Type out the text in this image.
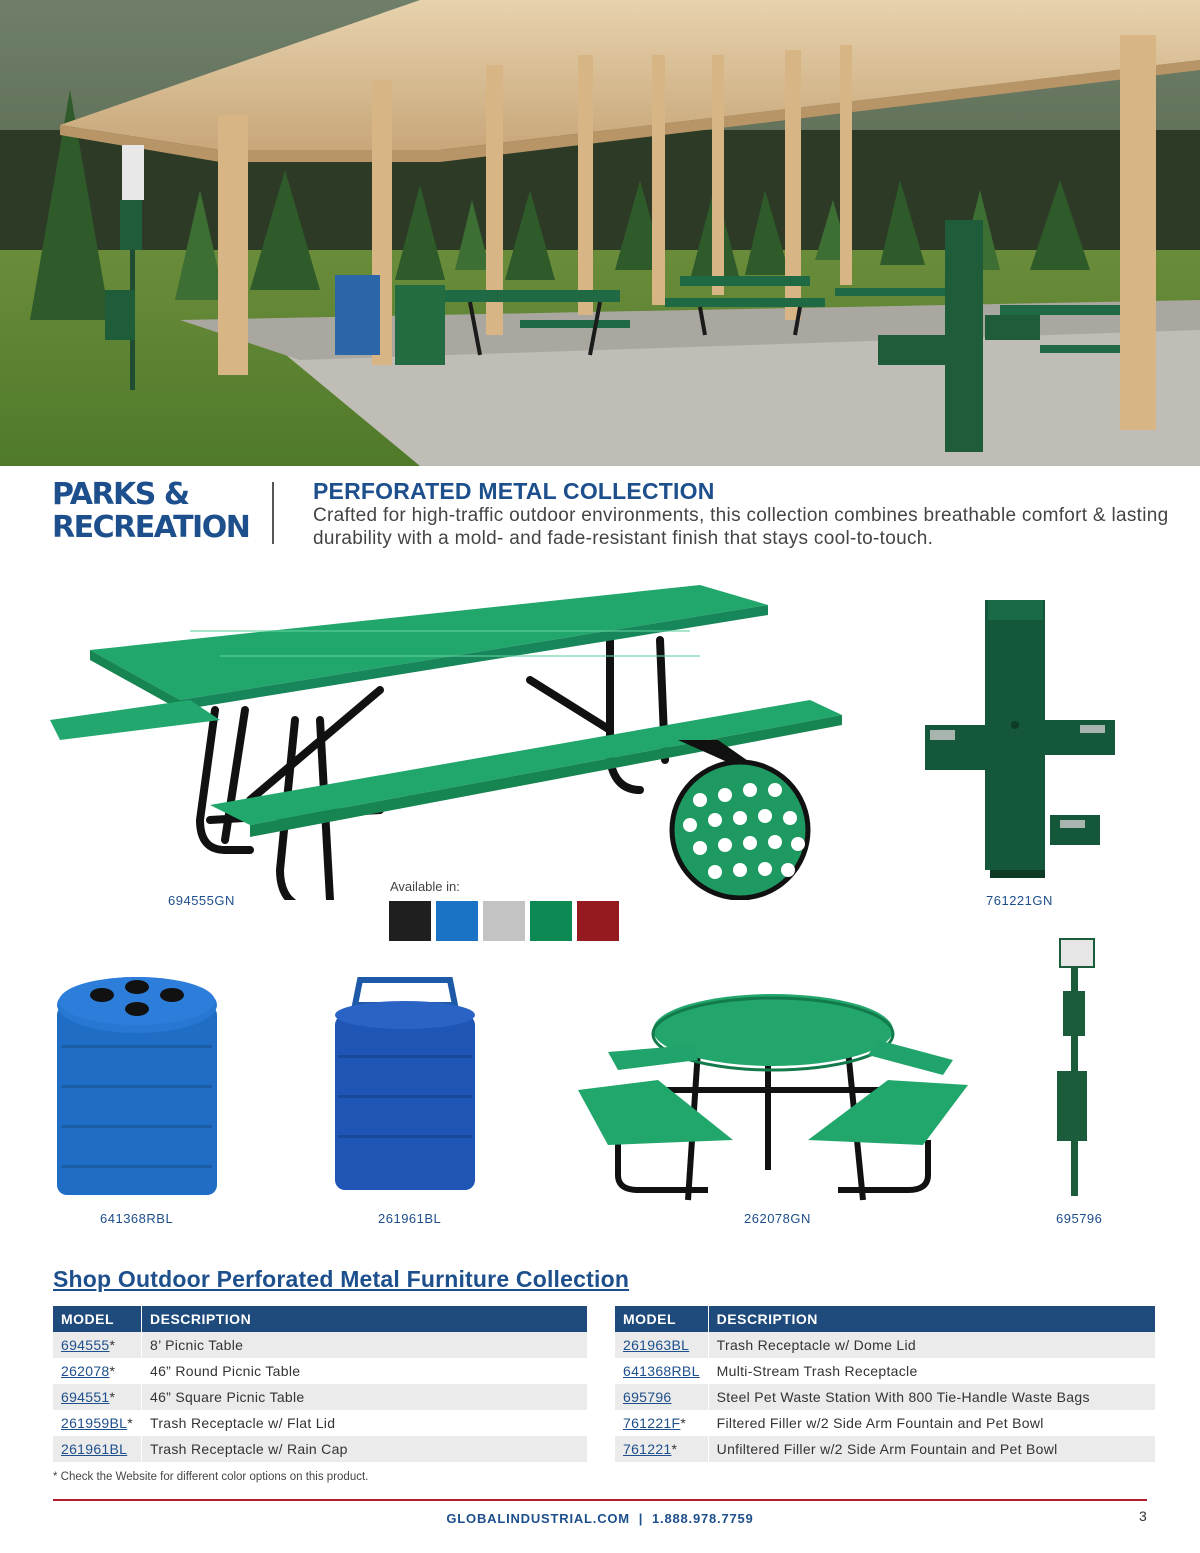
PARKS &
RECREATION
PERFORATED METAL COLLECTION

Crafted for high-traffic outdoor environments, this collection combines breathable comfort & lasting durability with a mold- and fade-resistant finish that stays cool-to-touch.

694555GN
Available in:
761221GN
641368RBL	261961BL	262078GN	695796
Shop Outdoor Perforated Metal Furniture Collection
MODEL	DESCRIPTION
694555*	8’ Picnic Table
262078*	46” Round Picnic Table
694551*	46” Square Picnic Table
261959BL*	Trash Receptacle w/ Flat Lid
261961BL	Trash Receptacle w/ Rain Cap
MODEL	DESCRIPTION
261963BL	Trash Receptacle w/ Dome Lid
641368RBL	Multi-Stream Trash Receptacle
695796	Steel Pet Waste Station With 800 Tie-Handle Waste Bags
761221F*	Filtered Filler w/2 Side Arm Fountain and Pet Bowl
761221*	Unfiltered Filler w/2 Side Arm Fountain and Pet Bowl
* Check the Website for different color options on this product.
GLOBALINDUSTRIAL.COM  |  1.888.978.7759	3
